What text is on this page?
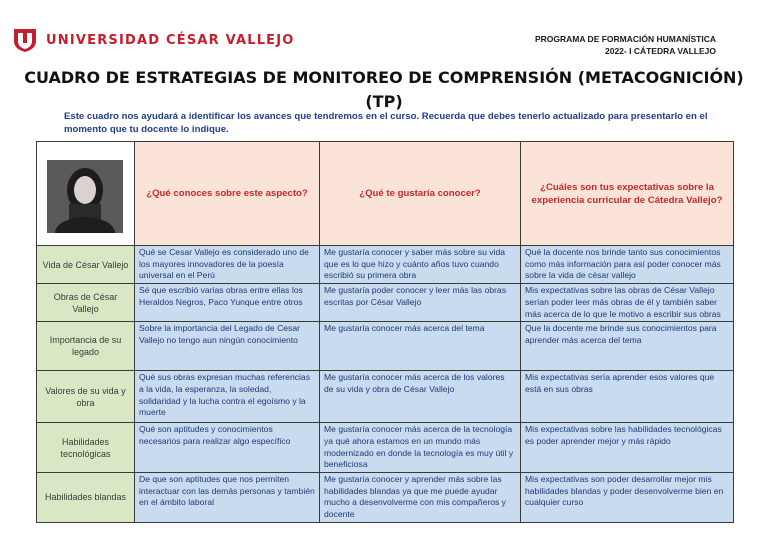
UNIVERSIDAD CÉSAR VALLEJO	PROGRAMA DE FORMACIÓN HUMANÍSTICA
2022- I CÁTEDRA VALLEJO
CUADRO DE ESTRATEGIAS DE MONITOREO DE COMPRENSIÓN (METACOGNICIÓN)
(TP)
Este cuadro nos ayudará a identificar los avances que tendremos en el curso. Recuerda que debes tenerlo actualizado para presentarlo en el momento que tu docente lo indique.
	¿Qué conoces sobre este aspecto?	¿Qué te gustaría conocer?	¿Cuáles son tus expectativas sobre la experiencia curricular de Cátedra Vallejo?
Vida de César Vallejo	Qué se Cesar Vallejo es considerado uno de los mayores innovadores de la poesía universal en el Perú	Me gustaría conocer y saber más sobre su vida que es lo que hizo y cuánto años tuvo cuando escribió su primera obra	Qué la docente nos brinde tanto sus conocimientos como más información para así poder conocer más sobre la vida de césar vallejo
Obras de César Vallejo	Sé que escribió varias obras entre ellas los Heraldos Negros, Paco Yunque entre otros	Me gustaría poder conocer y leer más las obras escritas por César Vallejo	Mis expectativas sobre las obras de César Vallejo serían poder leer más obras de él y también saber más acerca de lo que le motivo a escribir sus obras
Importancia de su legado	Sobre la importancia del Legado de Cesar Vallejo no tengo aun ningún conocimiento	Me gustaría conocer más acerca del tema	Que la docente me brinde sus conocimientos para aprender más acerca del tema
Valores de su vida y obra	Qué sus obras expresan muchas referencias a la vida, la esperanza, la soledad, solidaridad y la lucha contra el egoísmo y la muerte	Me gustaría conocer más acerca de los valores de su vida y obra de César Vallejo	Mis expectativas sería aprender esos valores que está en sus obras
Habilidades tecnológicas	Qué son aptitudes y conocimientos necesarios para realizar algo específico	Me gustaría conocer más acerca de la tecnología ya qué ahora estamos en un mundo más modernizado en donde la tecnología es muy útil y beneficiosa	Mis expectativas sobre las habilidades tecnológicas es poder aprender mejor y más rápido
Habilidades blandas	De que son aptitudes que nos permiten interactuar con las demás personas y también en el ámbito laboral	Me gustaría conocer y aprender más sobre las habilidades blandas ya que me puede ayudar mucho a desenvolverme con mis compañeros y docente	Mis expectativas son poder desarrollar mejor mis habilidades blandas y poder desenvolverme bien en cualquier curso
